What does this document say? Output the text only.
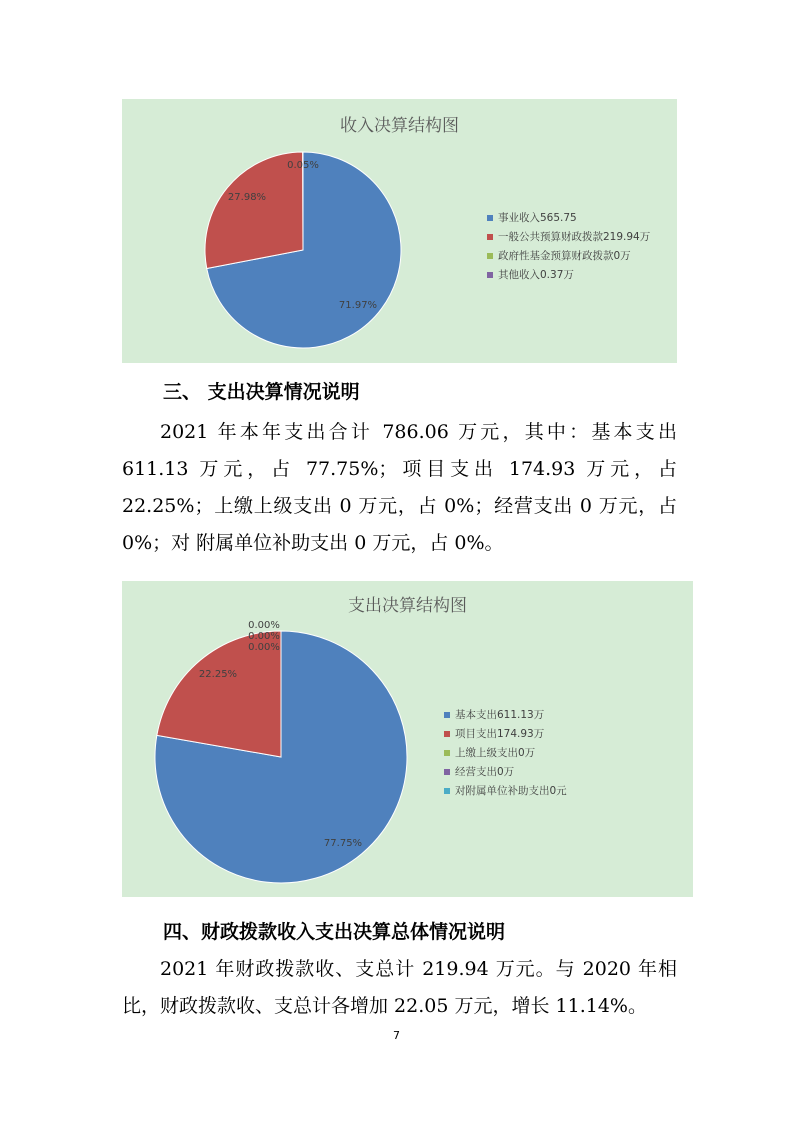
收入决算结构图
71.97%
27.98%
0.05%
事业收入565.75
一般公共预算财政拨款219.94万
政府性基金预算财政拨款0万
其他收入0.37万
三、 支出决算情况说明

2021 年本年支出合计 786.06 万元，其中：基本支出 611.13 万元，占 77.75%；项目支出 174.93 万元，占 22.25%；上缴上级支出 0 万元，占 0%；经营支出 0 万元，占 0%；对 附属单位补助支出 0 万元，占 0%。

支出决算结构图
77.75%
22.25%
0.00%
0.00%
0.00%
基本支出611.13万
项目支出174.93万
上缴上级支出0万
经营支出0万
对附属单位补助支出0元
四、财政拨款收入支出决算总体情况说明

2021 年财政拨款收、支总计 219.94 万元。与 2020 年相比，财政拨款收、支总计各增加 22.05 万元，增长 11.14%。

7
